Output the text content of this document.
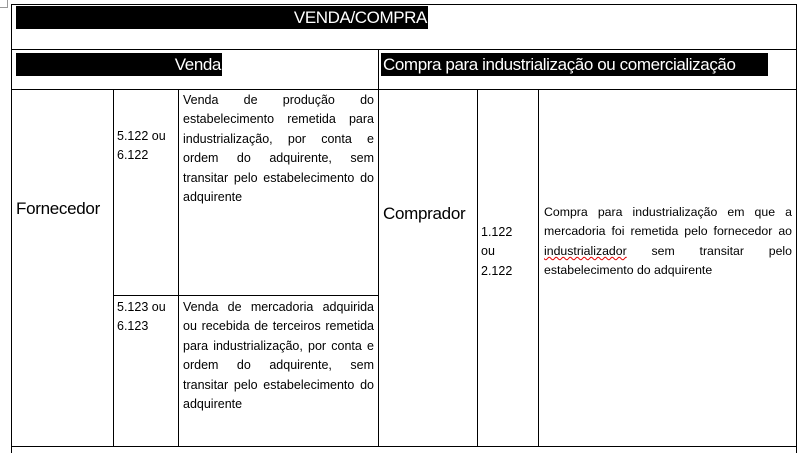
VENDA/COMPRA
Venda	Compra para industrialização ou comercialização
Fornecedor
5.122 ou 6.122
Venda de produção do estabelecimento remetida para industrialização, por conta e ordem do adquirente, sem transitar pelo estabelecimento do adquirente
5.123 ou 6.123
Venda de mercadoria adquirida ou recebida de terceiros remetida para industrialização, por conta e ordem do adquirente, sem transitar pelo estabelecimento do adquirente
Comprador
1.122 ou 2.122
Compra para industrialização em que a mercadoria foi remetida pelo fornecedor ao industrializador sem transitar pelo estabelecimento do adquirente
